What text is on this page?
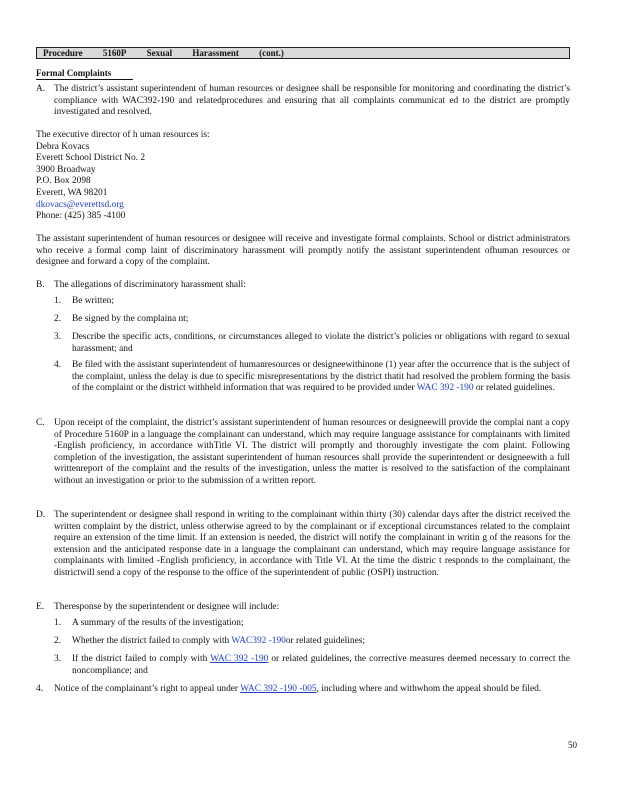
Procedure 5160P Sexual Harassment (cont.)
Formal Complaints
A. The district’s assistant superintendent of human resources or designee shall be responsible for monitoring and coordinating the district’s compliance with WAC392-190 and relatedprocedures and ensuring that all complaints communicat ed to the district are promptly investigated and resolved.

The executive director of h uman resources is:

Debra Kovacs

Everett School District No. 2

3900 Broadway

P.O. Box 2098

Everett, WA 98201

dkovacs@everettsd.org

Phone: (425) 385 -4100

The assistant superintendent of human resources or designee will receive and investigate formal complaints. School or district administrators who receive a formal comp laint of discriminatory harassment will promptly notify the assistant superintendent ofhuman resources or designee and forward a copy of the complaint.
B. The allegations of discriminatory harassment shall:

1. Be written;

2. Be signed by the complaina nt;

3. Describe the specific acts, conditions, or circumstances alleged to violate the district’s policies or obligations with regard to sexual harassment; and

4. Be filed with the assistant superintendent of humanresources or designeewithinone (1) year after the occurrence that is the subject of the complaint, unless the delay is due to specific misrepresentations by the district thatit had resolved the problem forming the basis of the complaint or the district withheld information that was required to be provided under WAC 392 -190 or related guidelines.

C. Upon receipt of the complaint, the district’s assistant superintendent of human resources or designeewill provide the complai nant a copy of Procedure 5160P in a language the complainant can understand, which may require language assistance for complainants with limited -English proficiency, in accordance withTitle VI. The district will promptly and thoroughly investigate the com plaint. Following completion of the investigation, the assistant superintendent of human resources shall provide the superintendent or designeewith a full writtenreport of the complaint and the results of the investigation, unless the matter is resolved to the satisfaction of the complainant without an investigation or prior to the submission of a written report.

D. The superintendent or designee shall respond in writing to the complainant within thirty (30) calendar days after the district received the written complaint by the district, unless otherwise agreed to by the complainant or if exceptional circumstances related to the complaint require an extension of the time limit. If an extension is needed, the district will notify the complainant in writin g of the reasons for the extension and the anticipated response date in a language the complainant can understand, which may require language assistance for complainants with limited -English proficiency, in accordance with Title VI. At the time the distric t responds to the complainant, the districtwill send a copy of the response to the office of the superintendent of public (OSPI) instruction.

E. Theresponse by the superintendent or designee will include:

1. A summary of the results of the investigation;

2. Whether the district failed to comply with WAC392 -190or related guidelines;

3. If the district failed to comply with WAC 392 -190 or related guidelines, the corrective measures deemed necessary to correct the noncompliance; and

4. Notice of the complainant’s right to appeal under WAC 392 -190 -005, including where and withwhom the appeal should be filed.

50
